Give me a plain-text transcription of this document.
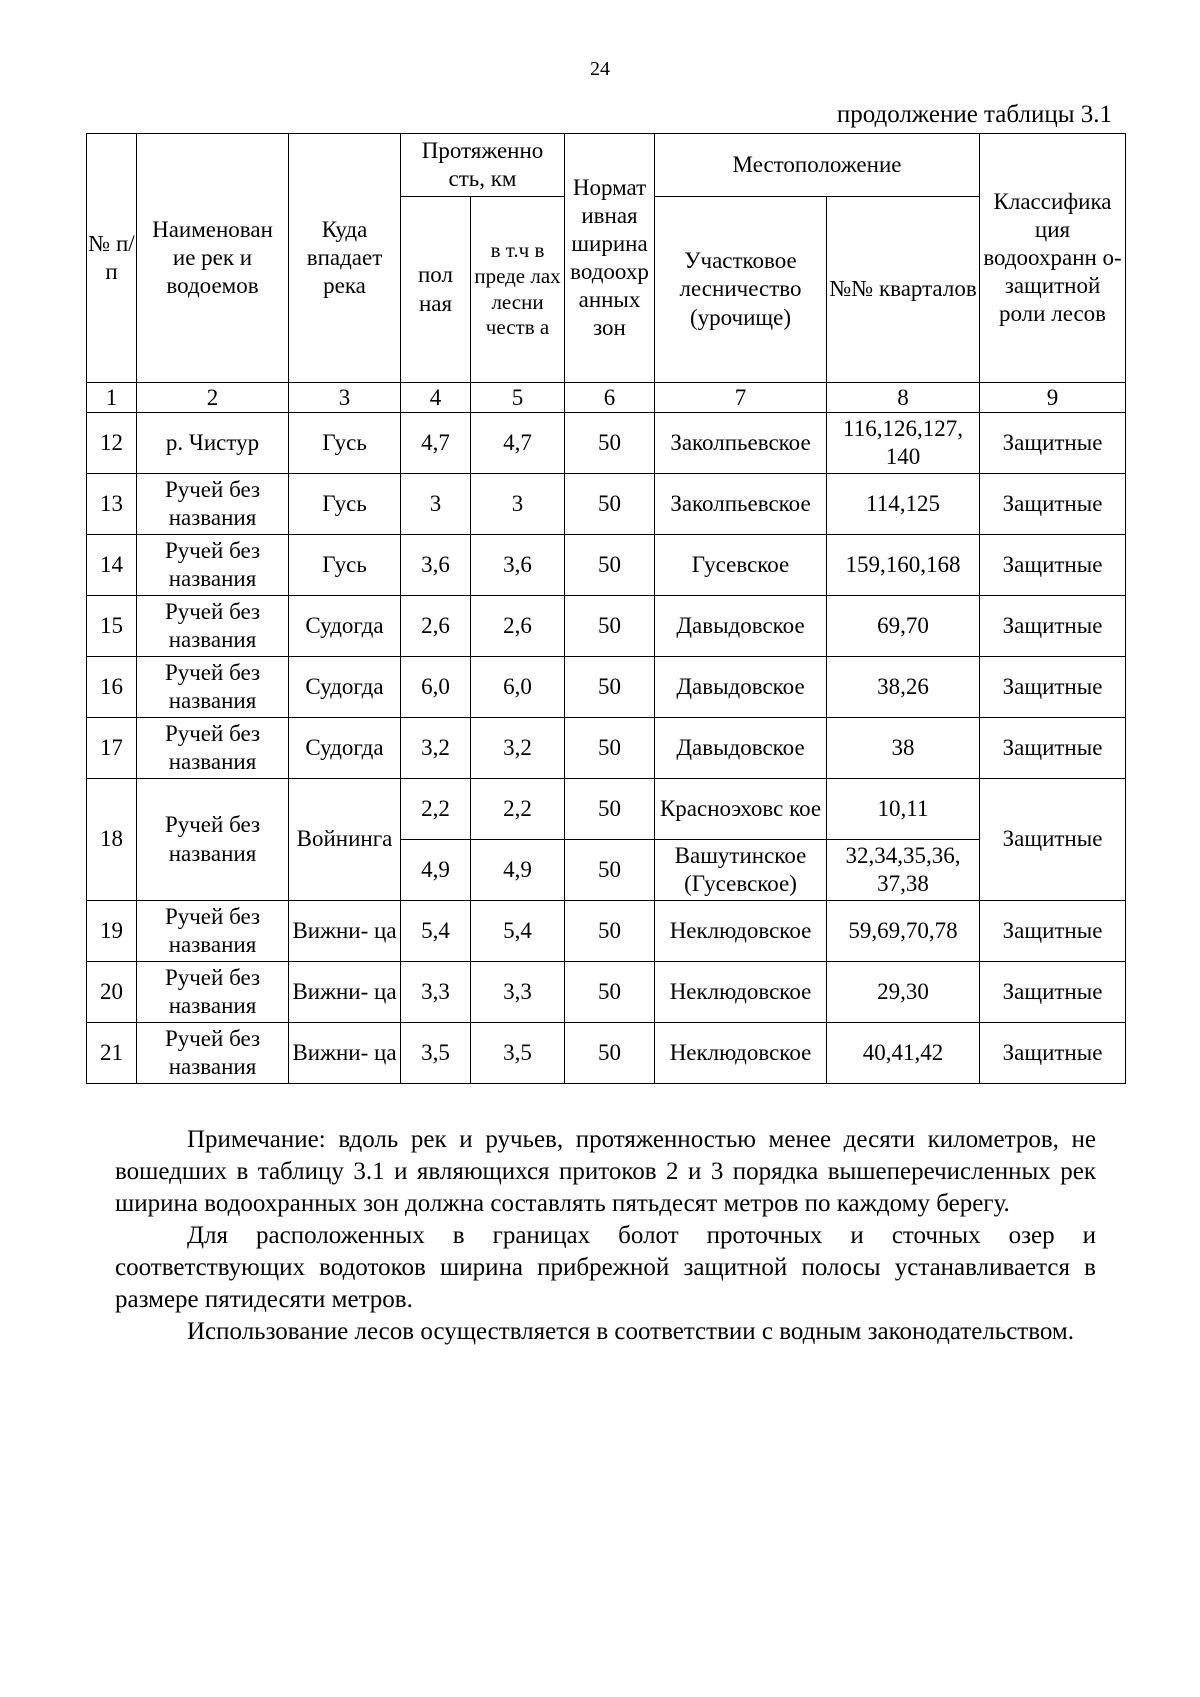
24
продолжение таблицы 3.1
№ п/п	Наименован ие рек и водоемов	Куда впадает река	Протяженно сть, км		Нормат ивная ширина водоохр анных зон	Местоположение		Классифика ция водоохранн о-защитной роли лесов
			пол ная	в т.ч в преде лах лесни честв а		Участковое лесничество (урочище)	№№ кварталов	
1	2	3	4	5	6	7	8	9
12	р. Чистур	Гусь	4,7	4,7	50	Заколпьевское	116,126,127, 140	Защитные
13	Ручей без названия	Гусь	3	3	50	Заколпьевское	114,125	Защитные
14	Ручей без названия	Гусь	3,6	3,6	50	Гусевское	159,160,168	Защитные
15	Ручей без названия	Судогда	2,6	2,6	50	Давыдовское	69,70	Защитные
16	Ручей без названия	Судогда	6,0	6,0	50	Давыдовское	38,26	Защитные
17	Ручей без названия	Судогда	3,2	3,2	50	Давыдовское	38	Защитные
18	Ручей без названия	Войнинга	2,2	2,2	50	Красноэховс кое	10,11	Защитные
			4,9	4,9	50	Вашутинское (Гусевское)	32,34,35,36, 37,38	
19	Ручей без названия	Вижни- ца	5,4	5,4	50	Неклюдовское	59,69,70,78	Защитные
20	Ручей без названия	Вижни- ца	3,3	3,3	50	Неклюдовское	29,30	Защитные
21	Ручей без названия	Вижни- ца	3,5	3,5	50	Неклюдовское	40,41,42	Защитные

Примечание: вдоль рек и ручьев, протяженностью менее десяти километров, не вошедших в таблицу 3.1 и являющихся притоков 2 и 3 порядка вышеперечисленных рек ширина водоохранных зон должна составлять пятьдесят метров по каждому берегу.

Для расположенных в границах болот проточных и сточных озер и соответствующих водотоков ширина прибрежной защитной полосы устанавливается в размере пятидесяти метров.

Использование лесов осуществляется в соответствии с водным законодательством.
